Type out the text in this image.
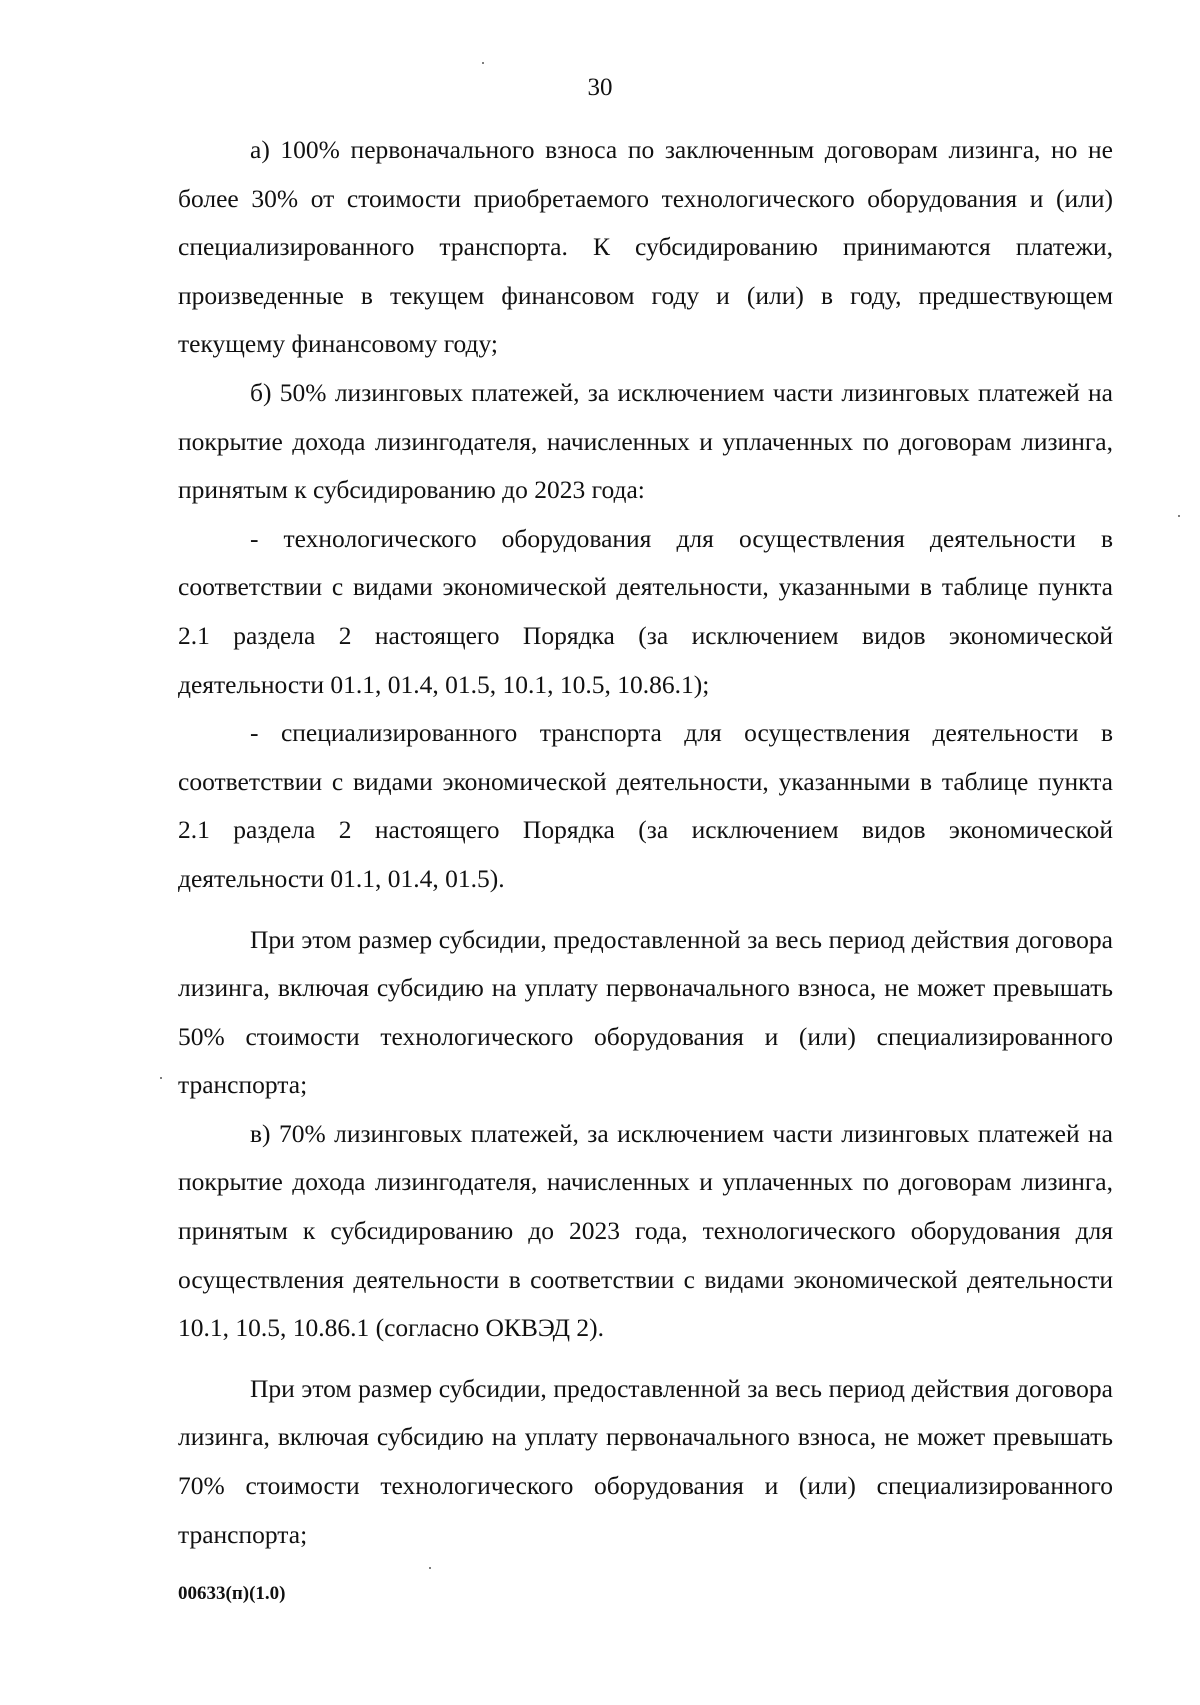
30

а) 100% первоначального взноса по заключенным договорам лизинга, но не более 30% от стоимости приобретаемого технологического оборудования и (или) специализированного транспорта. К субсидированию принимаются платежи, произведенные в текущем финансовом году и (или) в году, предшествующем текущему финансовому году;

б) 50% лизинговых платежей, за исключением части лизинговых платежей на покрытие дохода лизингодателя, начисленных и уплаченных по договорам лизинга, принятым к субсидированию до 2023 года:

- технологического оборудования для осуществления деятельности в соответствии с видами экономической деятельности, указанными в таблице пункта 2.1 раздела 2 настоящего Порядка (за исключением видов экономической деятельности 01.1, 01.4, 01.5, 10.1, 10.5, 10.86.1);

- специализированного транспорта для осуществления деятельности в соответствии с видами экономической деятельности, указанными в таблице пункта 2.1 раздела 2 настоящего Порядка (за исключением видов экономической деятельности 01.1, 01.4, 01.5).

При этом размер субсидии, предоставленной за весь период действия договора лизинга, включая субсидию на уплату первоначального взноса, не может превышать 50% стоимости технологического оборудования и (или) специализированного транспорта;

в) 70% лизинговых платежей, за исключением части лизинговых платежей на покрытие дохода лизингодателя, начисленных и уплаченных по договорам лизинга, принятым к субсидированию до 2023 года, технологического оборудования для осуществления деятельности в соответствии с видами экономической деятельности 10.1, 10.5, 10.86.1 (согласно ОКВЭД 2).

При этом размер субсидии, предоставленной за весь период действия договора лизинга, включая субсидию на уплату первоначального взноса, не может превышать 70% стоимости технологического оборудования и (или) специализированного транспорта;

00633(п)(1.0)
